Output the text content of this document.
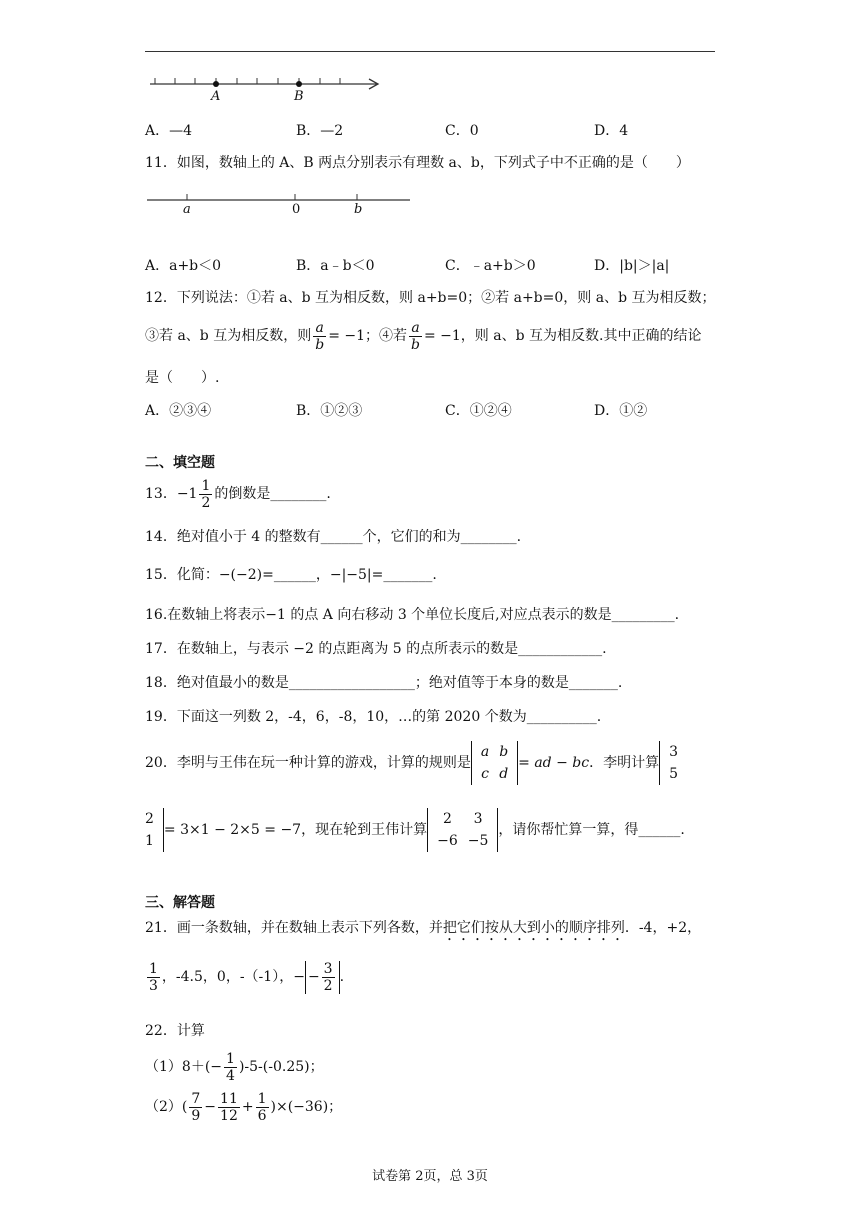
A	B
A．—4	B．—2	C．0	D．4
11．如图，数轴上的 A、B 两点分别表示有理数 a、b，下列式子中不正确的是（　　）
a	0	b
A．a+b＜0	B．a﹣b＜0	C．﹣a+b＞0	D．|b|＞|a|
12．下列说法：①若 a、b 互为相反数，则 a+b=0；②若 a+b=0，则 a、b 互为相反数；
③若 a、b 互为相反数，则 $\frac{a}{b} = -1$；④若 $\frac{a}{b} = -1$，则 a、b 互为相反数.其中正确的结论
是（　　）.
A．②③④	B．①②③	C．①②④	D．①②
二、填空题
13．$-1 \frac{1}{2}$ 的倒数是________.
14．绝对值小于 4 的整数有______个，它们的和为________.
15．化简：−(−2)=______，−|−5|=_______.
16.在数轴上将表示−1 的点 A 向右移动 3 个单位长度后,对应点表示的数是_________.
17．在数轴上，与表示 −2 的点距离为 5 的点所表示的数是____________.
18．绝对值最小的数是__________________；绝对值等于本身的数是_______.
19．下面这一列数 2，-4，6，-8，10，…的第 2020 个数为__________.
20．李明与王伟在玩一种计算的游戏，计算的规则是
a	b
c	d
= ad − bc．李明计算
3
5
2
1
= 3×1 − 2×5 = −7，现在轮到王伟计算
2	3
−6	−5
，请你帮忙算一算，得______.
三、解答题
21．画一条数轴，并在数轴上表示下列各数，并把它们按从大到小的顺序排列．-4，+2，
$\frac{1}{3}$ ，-4.5，0，-（-1），− − $\frac{3}{2}$ .
22．计算
$(1)8+(- \frac{1}{4} )-5-(-0.25)$；
$(2)( \frac{7}{9} - \frac{11}{12} + \frac{1}{6} )\times(-36)$；
试卷第 2页，总 3页
